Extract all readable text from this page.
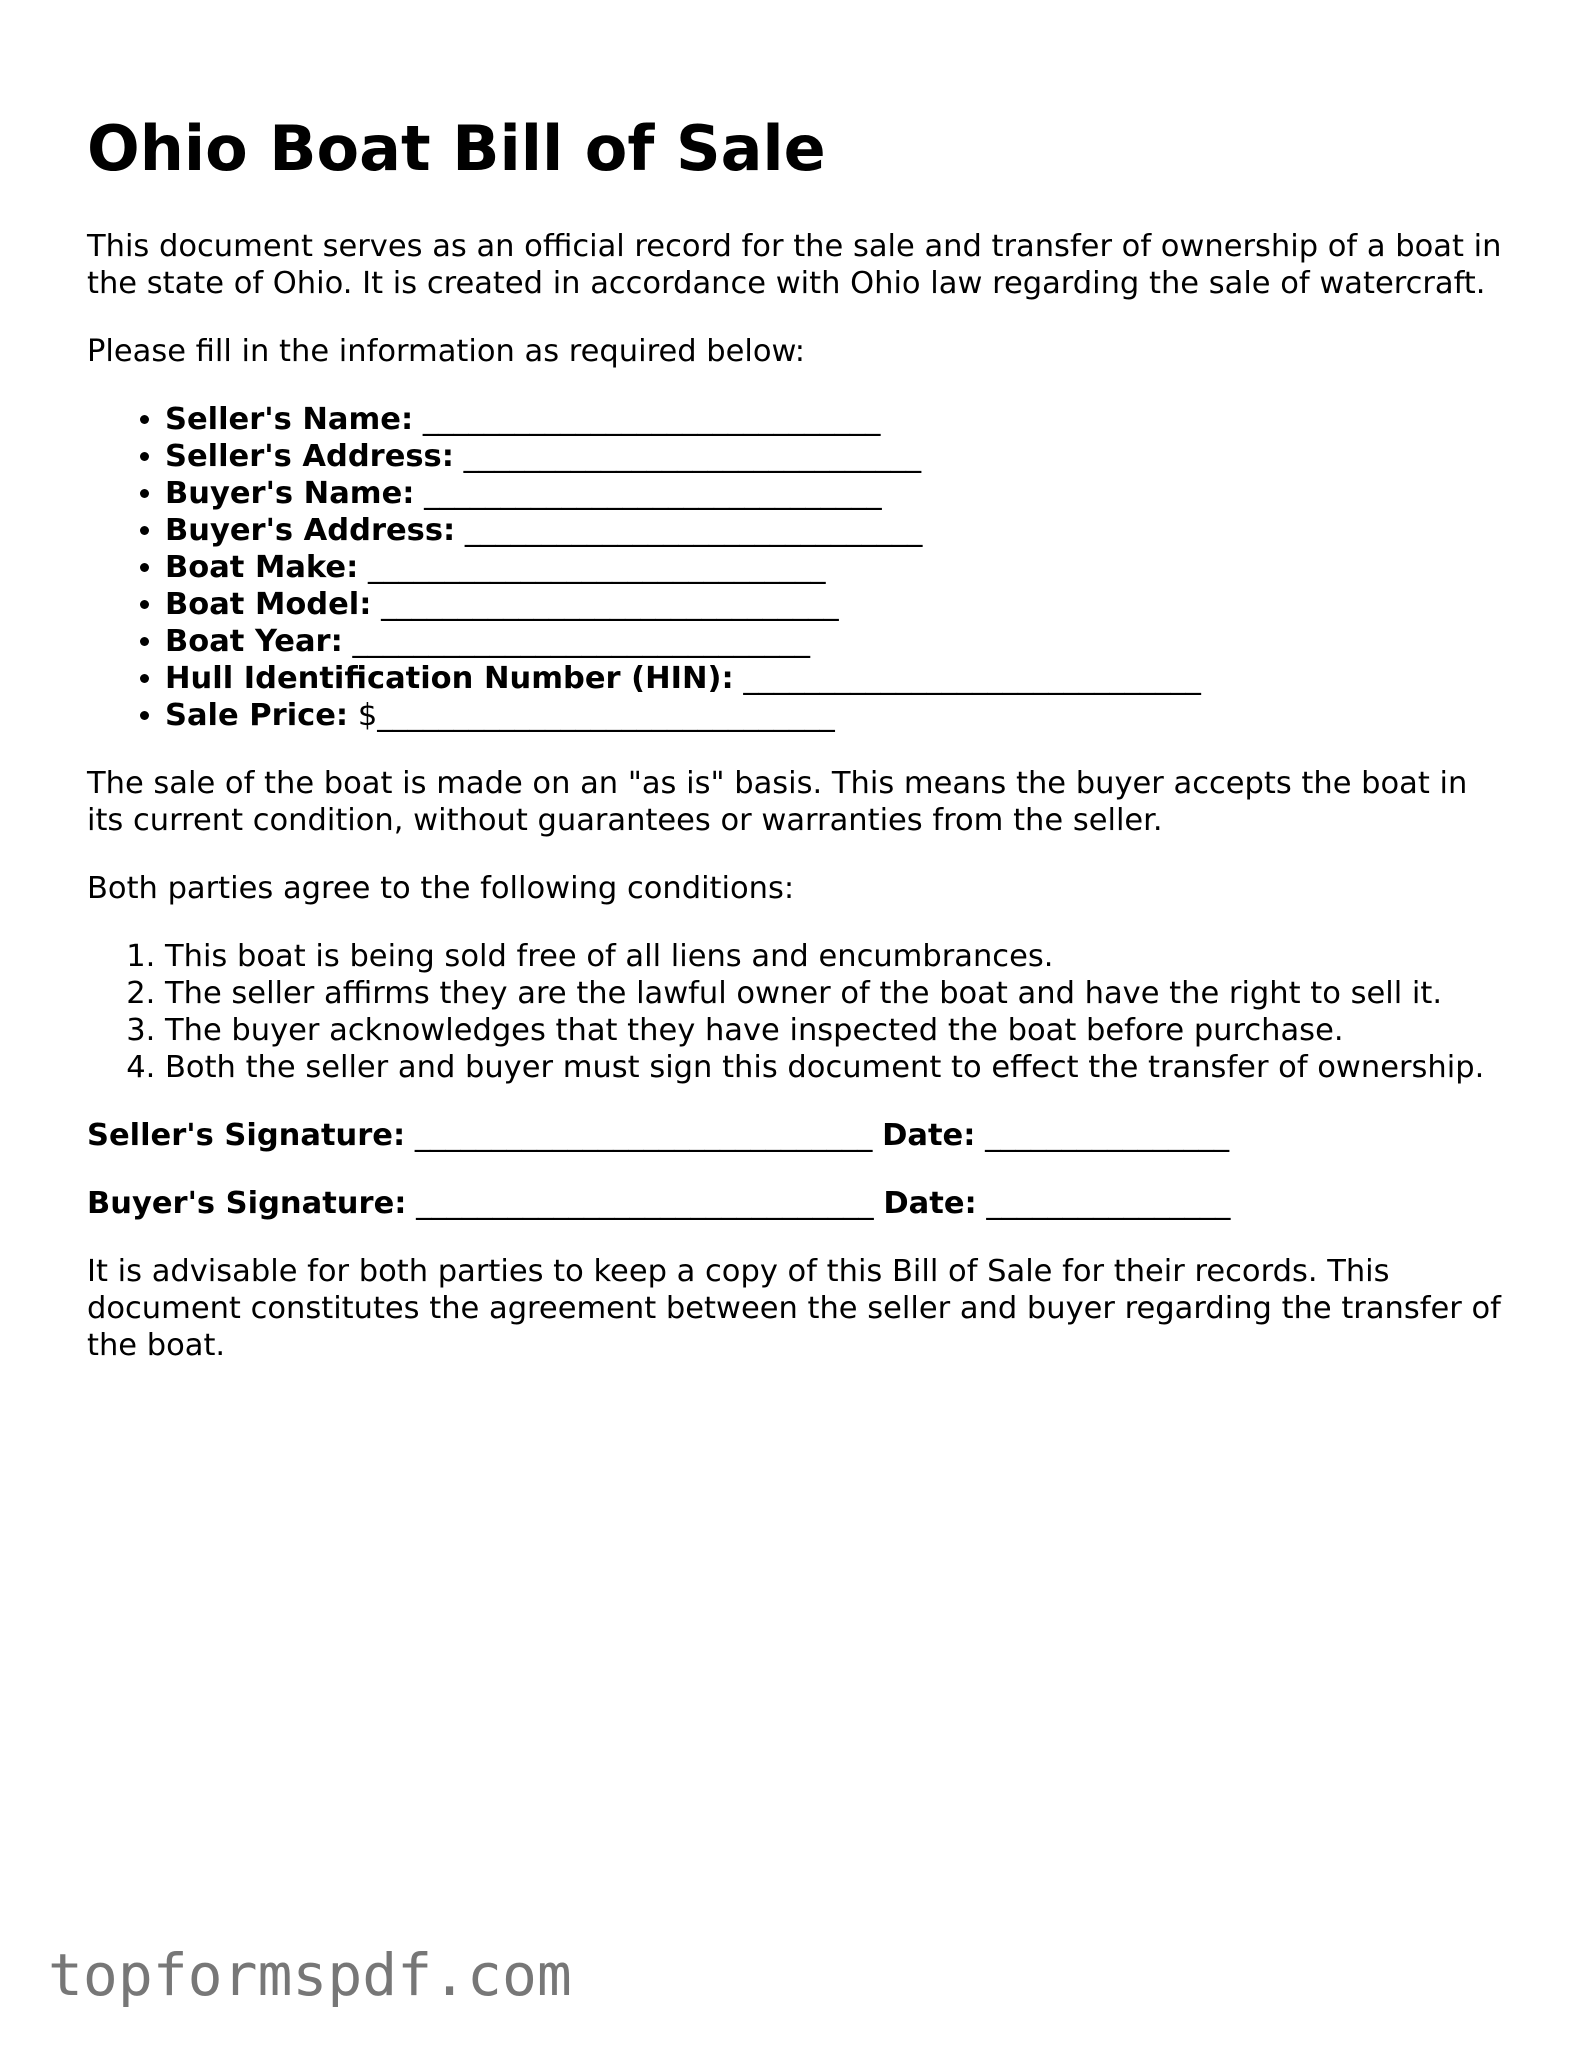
Ohio Boat Bill of Sale

This document serves as an official record for the sale and transfer of ownership of a boat in the state of Ohio. It is created in accordance with Ohio law regarding the sale of watercraft.

Please fill in the information as required below:

• Seller's Name: ______________________________
• Seller's Address: ______________________________
• Buyer's Name: ______________________________
• Buyer's Address: ______________________________
• Boat Make: ______________________________
• Boat Model: ______________________________
• Boat Year: ______________________________
• Hull Identification Number (HIN): ______________________________
• Sale Price: $______________________________

The sale of the boat is made on an "as is" basis. This means the buyer accepts the boat in its current condition, without guarantees or warranties from the seller.

Both parties agree to the following conditions:

1. This boat is being sold free of all liens and encumbrances.
2. The seller affirms they are the lawful owner of the boat and have the right to sell it.
3. The buyer acknowledges that they have inspected the boat before purchase.
4. Both the seller and buyer must sign this document to effect the transfer of ownership.

Seller's Signature: ______________________________ Date: ________________

Buyer's Signature: ______________________________ Date: ________________

It is advisable for both parties to keep a copy of this Bill of Sale for their records. This document constitutes the agreement between the seller and buyer regarding the transfer of the boat.

topformspdf.com
